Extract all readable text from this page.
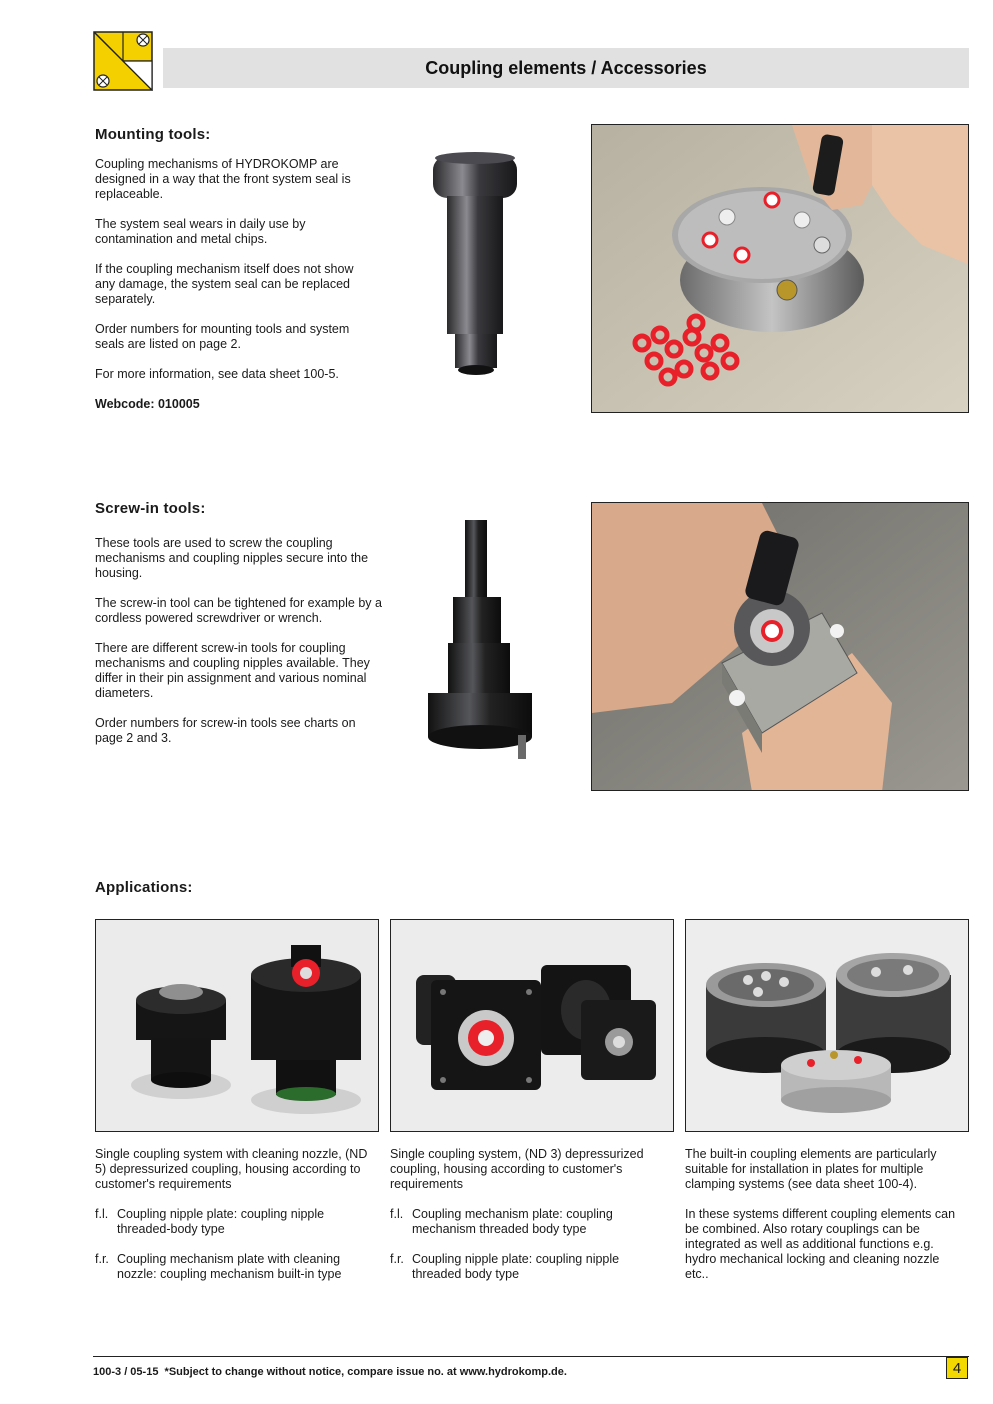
Coupling elements / Accessories
Mounting tools:

Coupling mechanisms of HYDROKOMP are designed in a way that the front system seal is replaceable.

The system seal wears in daily use by contamination and metal chips.

If the coupling mechanism itself does not show any damage, the system seal can be replaced separately.

Order numbers for mounting tools and system seals are listed on page 2.

For more information, see data sheet 100-5.

Webcode: 010005

Screw-in tools:

These tools are used to screw the coupling mechanisms and coupling nipples secure into the housing.

The screw-in tool can be tightened for example by a cordless powered screwdriver or wrench.

There are different screw-in tools for coupling mechanisms and coupling nipples available. They differ in their pin assignment and various nominal diameters.

Order numbers for screw-in tools see charts on page 2 and 3.

Applications:

Single coupling system with cleaning nozzle, (ND 5) depressurized coupling, housing according to customer's requirements

f.l. Coupling nipple plate: coupling nipple threaded-body type
f.r. Coupling mechanism plate with cleaning nozzle: coupling mechanism built-in type

Single coupling system, (ND 3) depressurized coupling, housing according to customer's requirements

f.l. Coupling mechanism plate: coupling mechanism threaded body type
f.r. Coupling nipple plate: coupling nipple threaded body type

The built-in coupling elements are particularly suitable for installation in plates for multiple clamping systems (see data sheet 100-4).

In these systems different coupling elements can be combined. Also rotary couplings can be integrated as well as additional functions e.g. hydro mechanical locking and cleaning nozzle etc..

100-3 / 05-15  *Subject to change without notice, compare issue no. at www.hydrokomp.de.	4
